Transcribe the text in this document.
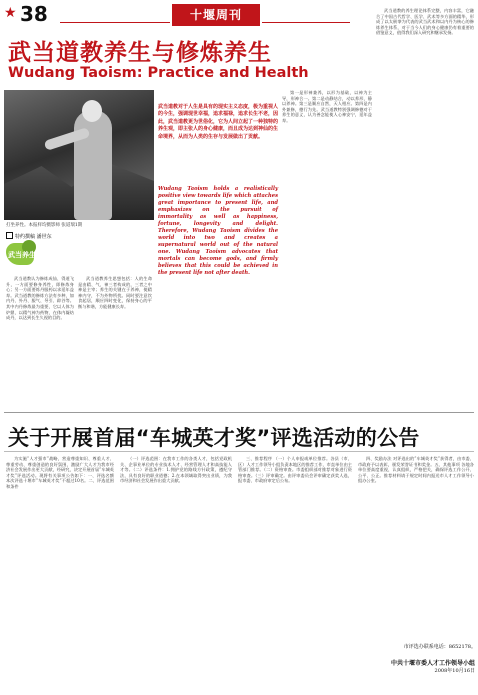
★ 38	十堰周刊
武当道教养生与修炼养生
Wudang Taoism: Practice and Health
打坐养性。本报样均摄影师 张道瑞1期
特约撰稿 潘世东
武当养生
武当道教对于人生是具有的现实主义态度，极为重视人的今生，强调现世幸福，追求福禄，追求长生不老，因此，武当道教更为世俗化，它为人间立起了一种独特的养生观，即主张人的身心健康，而且成为达到神仙的生命境界，从而为人类的生存与发展做出了贡献。
Wudang Taoism holds a realistically positive view towards life which attaches great importance to present life, and emphasizes on the pursuit of immortality as well as happiness, fortune, longevity and delight. Therefore, Wudang Taoism divides the world into two and creates a supernatural world out of the natural one. Wudang Taoism advocates that mortals can become gods, and firmly believes that this could be achieved in the present life not after death.

武当道教认为修炼成仙、得道飞升，一方面要修身养性，即修炼身心；另一方面要炼丹服药以求延年益寿。武当道教的修炼方法有多种，如内丹、外丹、服气、导引、辟谷等。其中内丹修炼最为重要，它以人体为炉鼎，以精气神为药物，在体内凝结成丹，以达到长生久视的目的。

武当道教养生思想包括：人的生命是由精、气、神三者构成的，三者之中神是主宰；养生的关键在于养神，使精神内守，不为外物所扰。同时要注意饮食起居，顺应四时变化，保持身心的平衡与和谐，方能健康长寿。

第一是形神兼养，以形为基础，以神为主导，形神合一。第二是动静结合，动以养形，静以养神。第三是顺应自然，天人相应。第四是内外兼修，德行为先。武当道教特别强调修德对于养生的意义，认为善念能使人心神安宁，延年益寿。

武当道教的养生理论体系完整，内容丰富，它融合了中国古代哲学、医学、武术等多方面的精华，形成了以太极拳为代表的武当武术和以内丹为核心的修炼养生体系，对于当今人们的身心健康仍有着重要的借鉴意义，值得我们深入研究和继承发扬。

关于开展首届“车城英才奖”评选活动的公告

为实施“人才强市”战略，营造尊重知识、尊重人才、尊重劳动、尊重创造的良好氛围，激励广大人才为我市经济社会发展作出更大贡献，经研究，决定开展首届“车城英才奖”评选活动。现将有关事项公告如下：一、评选名额 本次评选十堰市“车城英才奖”不超过10名。二、评选范围和条件

（一）评选范围：在我市工作的各类人才，包括党政机关、企事业单位的专业技术人才、经营管理人才和高技能人才等。（二）评选条件：1.拥护党的路线方针政策，遵纪守法，具有良好的职业道德；2.在本领域取得突出业绩，为我市经济和社会发展作出重大贡献。

三、推荐程序 （一）个人申报或单位推荐。各县（市、区）人才工作领导小组负责本地区的推荐工作，市直单位由主管部门推荐。（二）资格审查。市委组织部对推荐对象进行资格审查。（三）评审确定。由评审委员会评审确定获奖人选，报市委、市政府审定后公布。

四、奖励办法 对评选出的“车城英才奖”获得者，由市委、市政府予以表彰，颁发荣誉证书和奖金。五、其他事项 各地各单位要高度重视，认真组织，严格把关，确保评选工作公开、公平、公正。推荐材料请于规定时间内报送市人才工作领导小组办公室。

市评选办联系电话：8652178。
中共十堰市委人才工作领导小组
2008年10月16日
